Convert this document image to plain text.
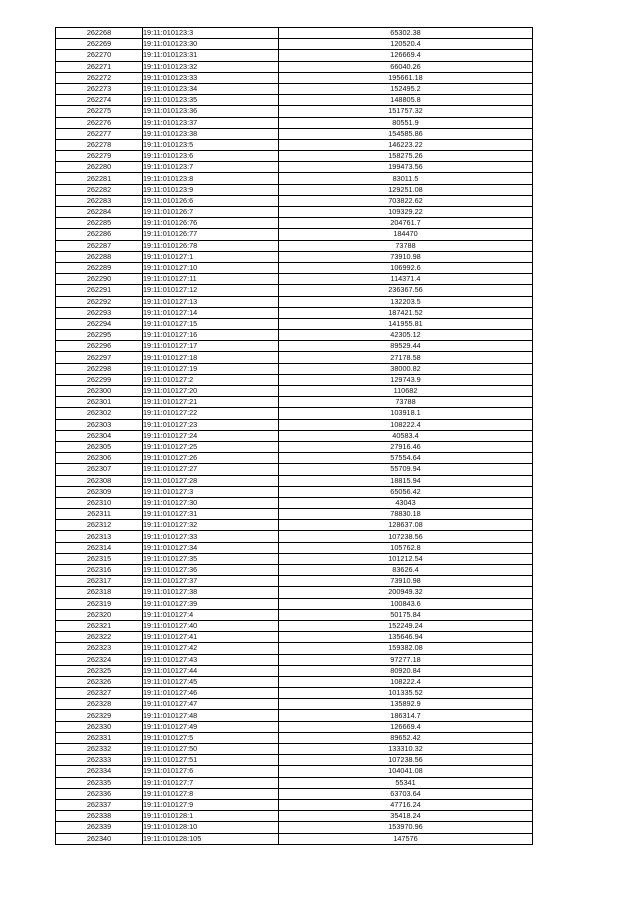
262268	19:11:010123:3	65302.38
262269	19:11:010123:30	120520.4
262270	19:11:010123:31	126669.4
262271	19:11:010123:32	66040.26
262272	19:11:010123:33	195661.18
262273	19:11:010123:34	152495.2
262274	19:11:010123:35	148805.8
262275	19:11:010123:36	151757.32
262276	19:11:010123:37	80551.9
262277	19:11:010123:38	154585.86
262278	19:11:010123:5	146223.22
262279	19:11:010123:6	158275.26
262280	19:11:010123:7	199473.56
262281	19:11:010123:8	83011.5
262282	19:11:010123:9	129251.08
262283	19:11:010126:6	703822.62
262284	19:11:010126:7	109329.22
262285	19:11:010126:76	204761.7
262286	19:11:010126:77	184470
262287	19:11:010126:78	73788
262288	19:11:010127:1	73910.98
262289	19:11:010127:10	106992.6
262290	19:11:010127:11	114371.4
262291	19:11:010127:12	236367.56
262292	19:11:010127:13	132203.5
262293	19:11:010127:14	187421.52
262294	19:11:010127:15	141955.81
262295	19:11:010127:16	42305.12
262296	19:11:010127:17	89529.44
262297	19:11:010127:18	27178.58
262298	19:11:010127:19	38000.82
262299	19:11:010127:2	129743.9
262300	19:11:010127:20	110682
262301	19:11:010127:21	73788
262302	19:11:010127:22	103918.1
262303	19:11:010127:23	108222.4
262304	19:11:010127:24	40583.4
262305	19:11:010127:25	27916.46
262306	19:11:010127:26	57554.64
262307	19:11:010127:27	55709.94
262308	19:11:010127:28	18815.94
262309	19:11:010127:3	65056.42
262310	19:11:010127:30	43043
262311	19:11:010127:31	78830.18
262312	19:11:010127:32	128637.08
262313	19:11:010127:33	107238.56
262314	19:11:010127:34	105762.8
262315	19:11:010127:35	101212.54
262316	19:11:010127:36	83626.4
262317	19:11:010127:37	73910.98
262318	19:11:010127:38	200949.32
262319	19:11:010127:39	100843.6
262320	19:11:010127:4	50175.84
262321	19:11:010127:40	152249.24
262322	19:11:010127:41	135646.94
262323	19:11:010127:42	159382.08
262324	19:11:010127:43	97277.18
262325	19:11:010127:44	80920.84
262326	19:11:010127:45	108222.4
262327	19:11:010127:46	101335.52
262328	19:11:010127:47	135892.9
262329	19:11:010127:48	186314.7
262330	19:11:010127:49	126669.4
262331	19:11:010127:5	89652.42
262332	19:11:010127:50	133310.32
262333	19:11:010127:51	107238.56
262334	19:11:010127:6	104041.08
262335	19:11:010127:7	55341
262336	19:11:010127:8	63703.64
262337	19:11:010127:9	47716.24
262338	19:11:010128:1	35418.24
262339	19:11:010128:10	153970.96
262340	19:11:010128:105	147576
